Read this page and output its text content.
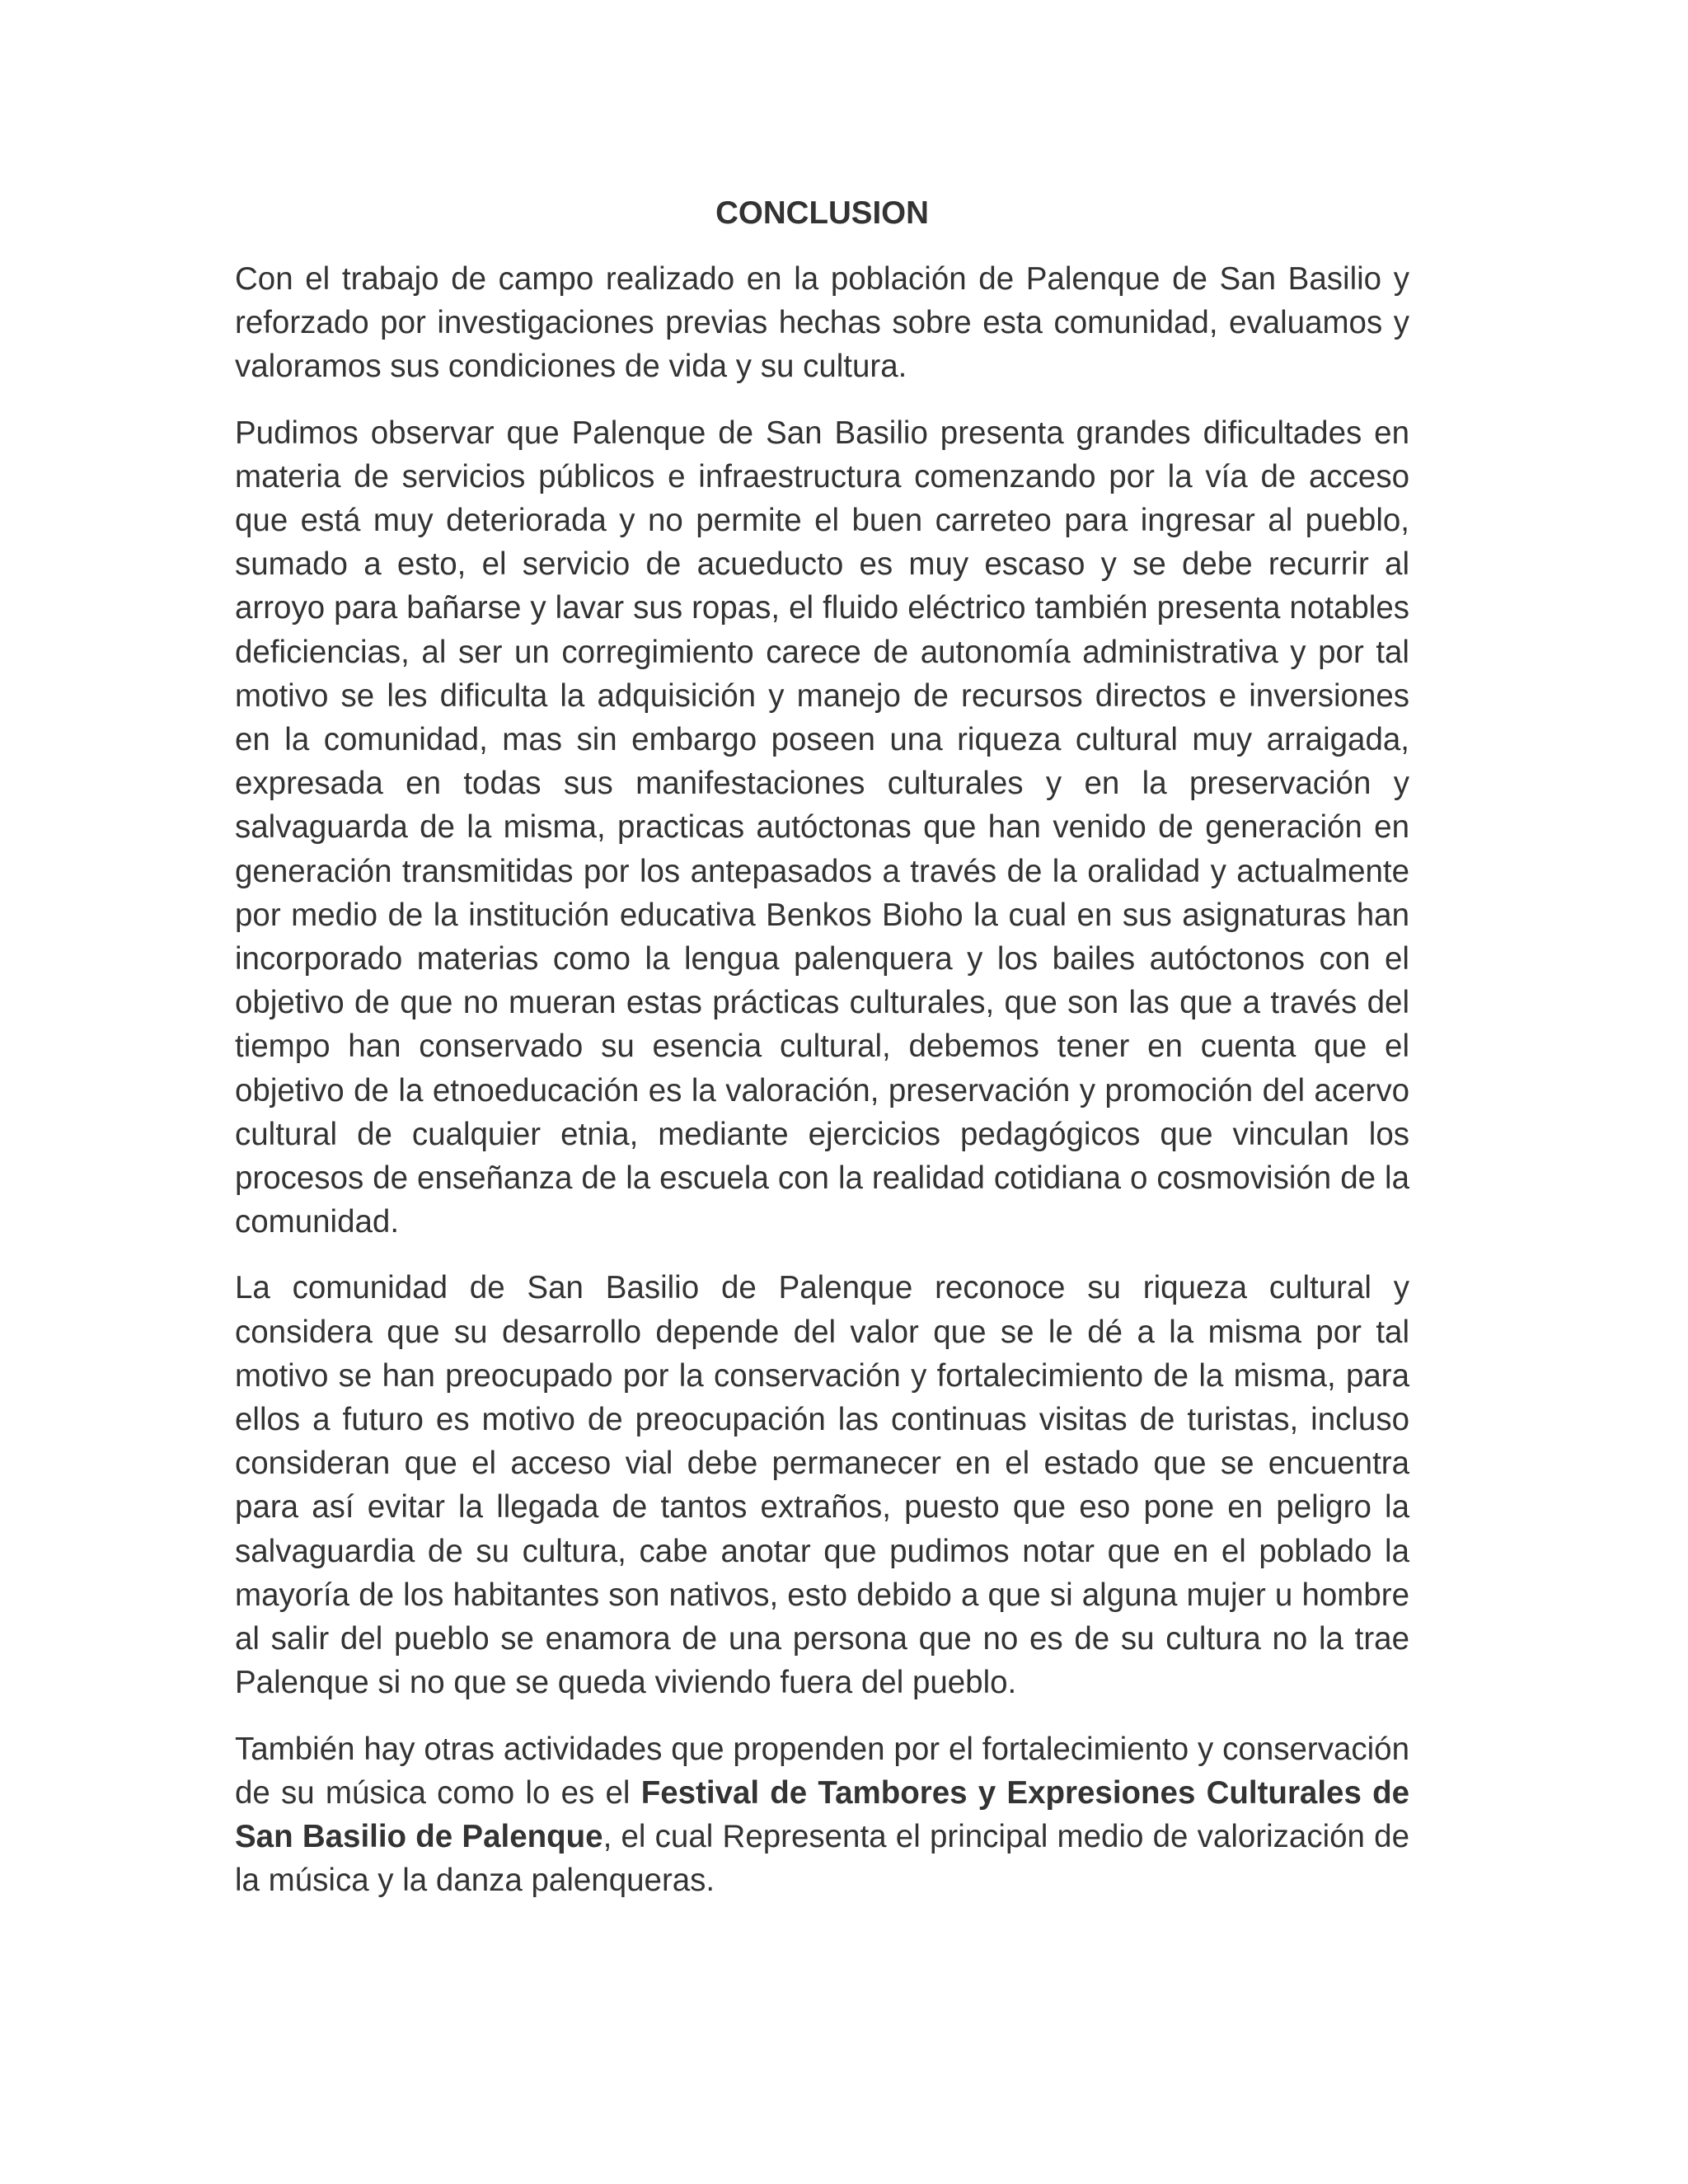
CONCLUSION

Con el trabajo de campo realizado en la población de Palenque de San Basilio y reforzado por investigaciones previas hechas sobre esta comunidad, evaluamos y valoramos sus condiciones de vida y su cultura.

Pudimos observar que Palenque de San Basilio presenta grandes dificultades en materia de servicios públicos e infraestructura comenzando por la vía de acceso que está muy deteriorada y no permite el buen carreteo para ingresar al pueblo, sumado a esto, el servicio de acueducto es muy escaso y se debe recurrir al arroyo para bañarse y lavar sus ropas, el fluido eléctrico también presenta notables deficiencias, al ser un corregimiento carece de autonomía administrativa y por tal motivo se les dificulta la adquisición y manejo de recursos directos e inversiones en la comunidad, mas sin embargo poseen una riqueza cultural muy arraigada, expresada en todas sus manifestaciones culturales y en la preservación y salvaguarda de la misma, practicas autóctonas que han venido de generación en generación transmitidas por los antepasados a través de la oralidad y actualmente por medio de la institución educativa Benkos Bioho la cual en sus asignaturas han incorporado materias como la lengua palenquera y los bailes autóctonos con el objetivo de que no mueran estas prácticas culturales, que son las que a través del tiempo han conservado su esencia cultural, debemos tener en cuenta que el objetivo de la etnoeducación es la valoración, preservación y promoción del acervo cultural de cualquier etnia, mediante ejercicios pedagógicos que vinculan los procesos de enseñanza de la escuela con la realidad cotidiana o cosmovisión de la comunidad.

La comunidad de San Basilio de Palenque reconoce su riqueza cultural y considera que su desarrollo depende del valor que se le dé a la misma por tal motivo se han preocupado por la conservación y fortalecimiento de la misma, para ellos a futuro es motivo de preocupación las continuas visitas de turistas, incluso consideran que el acceso vial debe permanecer en el estado que se encuentra para así evitar la llegada de tantos extraños, puesto que eso pone en peligro la salvaguardia de su cultura, cabe anotar que pudimos notar que en el poblado la mayoría de los habitantes son nativos, esto debido a que si alguna mujer u hombre al salir del pueblo se enamora de una persona que no es de su cultura no la trae Palenque si no que se queda viviendo fuera del pueblo.

También hay otras actividades que propenden por el fortalecimiento y conservación de su música como lo es el Festival de Tambores y Expresiones Culturales de San Basilio de Palenque, el cual Representa el principal medio de valorización de la música y la danza palenqueras.
